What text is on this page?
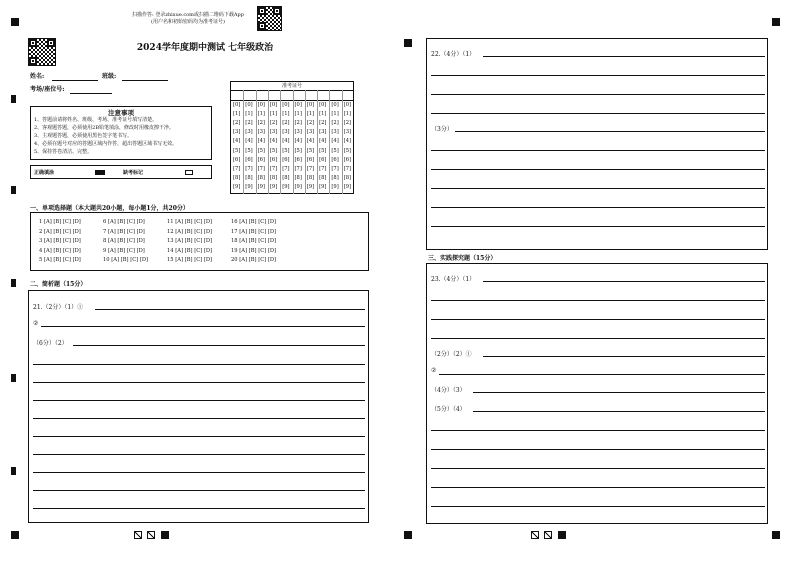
扫描作答: 登录zhixue.com或扫描二维码下载App
(用户名和初始密码均为准考证号)
2024学年度期中测试 七年级政治
姓名:	班级:
考场/座位号:
注意事项
1、答题前请将姓名、班级、考场、准考证号填写清楚。
2、客观题答题，必须使用2B铅笔填涂，修改时用橡皮擦干净。
3、主观题答题，必须使用黑色签字笔书写。
4、必须在题号对应的答题区域内作答，超出答题区域书写无效。
5、保持答卷清洁、完整。
正确填涂	缺考标记
准考证号
[0]
[1]
[2]
[3]
[4]
[5]
[6]
[7]
[8]
[9]
[0]
[1]
[2]
[3]
[4]
[5]
[6]
[7]
[8]
[9]
[0]
[1]
[2]
[3]
[4]
[5]
[6]
[7]
[8]
[9]
[0]
[1]
[2]
[3]
[4]
[5]
[6]
[7]
[8]
[9]
[0]
[1]
[2]
[3]
[4]
[5]
[6]
[7]
[8]
[9]
[0]
[1]
[2]
[3]
[4]
[5]
[6]
[7]
[8]
[9]
[0]
[1]
[2]
[3]
[4]
[5]
[6]
[7]
[8]
[9]
[0]
[1]
[2]
[3]
[4]
[5]
[6]
[7]
[8]
[9]
[0]
[1]
[2]
[3]
[4]
[5]
[6]
[7]
[8]
[9]
[0]
[1]
[2]
[3]
[4]
[5]
[6]
[7]
[8]
[9]
一、单项选择题（本大题共20小题，每小题1分，共20分）
1 [A] [B] [C] [D]
2 [A] [B] [C] [D]
3 [A] [B] [C] [D]
4 [A] [B] [C] [D]
5 [A] [B] [C] [D]
6 [A] [B] [C] [D]
7 [A] [B] [C] [D]
8 [A] [B] [C] [D]
9 [A] [B] [C] [D]
10 [A] [B] [C] [D]
11 [A] [B] [C] [D]
12 [A] [B] [C] [D]
13 [A] [B] [C] [D]
14 [A] [B] [C] [D]
15 [A] [B] [C] [D]
16 [A] [B] [C] [D]
17 [A] [B] [C] [D]
18 [A] [B] [C] [D]
19 [A] [B] [C] [D]
20 [A] [B] [C] [D]
二、简析题（15分）
21.（2分）（1）①
②
（6分）（2）
22.（4分）（1）
（3分）
三、实践探究题（15分）
23.（4分）（1）
（2分）（2）①
②
（4分）（3）
（5分）（4）
